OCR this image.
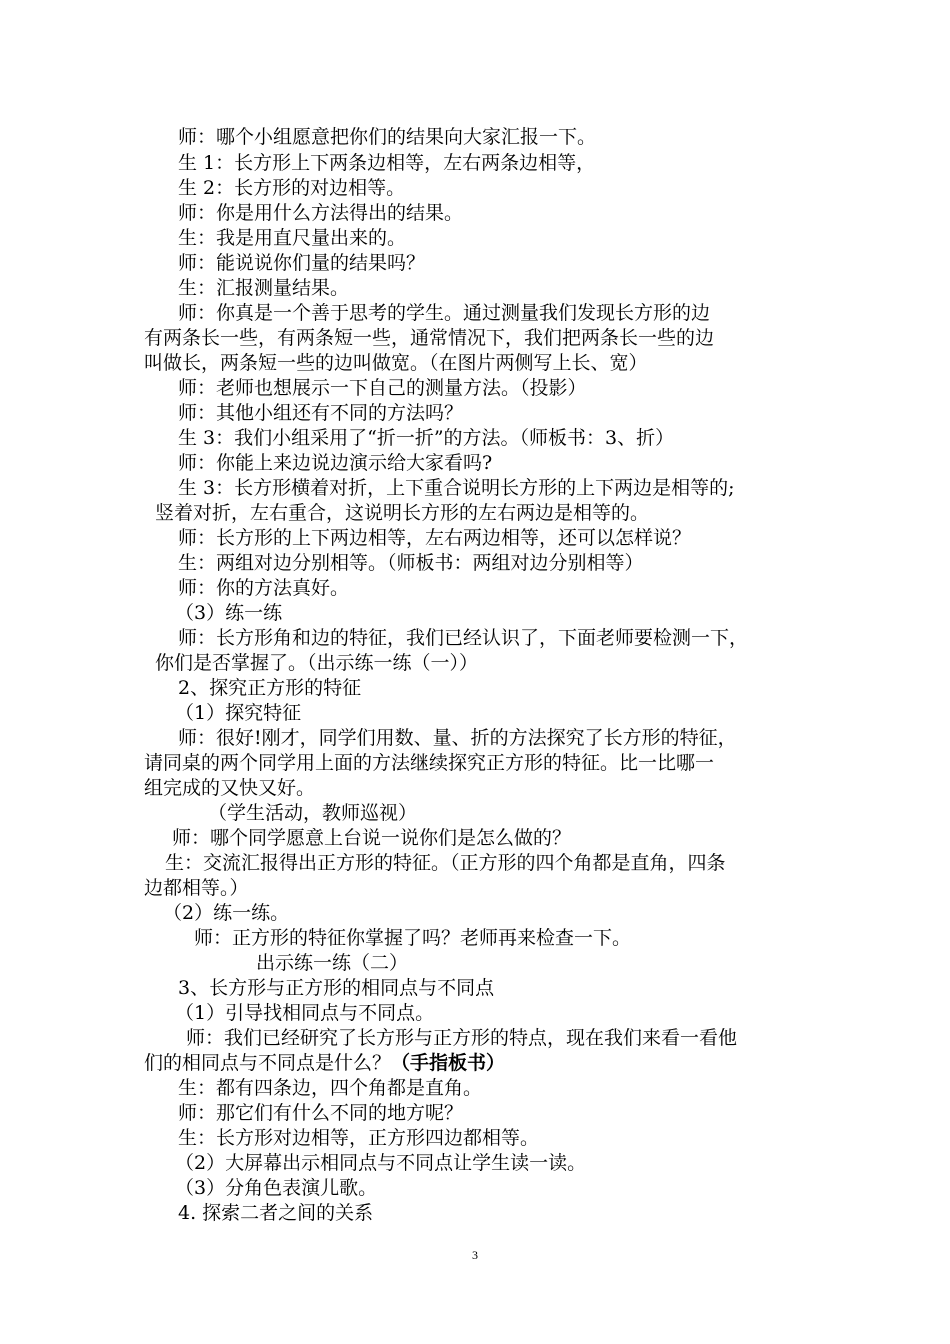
师：哪个小组愿意把你们的结果向大家汇报一下。
生 1：长方形上下两条边相等，左右两条边相等，
生 2：长方形的对边相等。
师：你是用什么方法得出的结果。
生：我是用直尺量出来的。
师：能说说你们量的结果吗？
生：汇报测量结果。
师：你真是一个善于思考的学生。通过测量我们发现长方形的边
有两条长一些，有两条短一些，通常情况下，我们把两条长一些的边
叫做长，两条短一些的边叫做宽。（在图片两侧写上长、宽）
师：老师也想展示一下自己的测量方法。（投影）
师：其他小组还有不同的方法吗？
生 3：我们小组采用了“折一折”的方法。（师板书：3、折）
师：你能上来边说边演示给大家看吗?
生 3：长方形横着对折，上下重合说明长方形的上下两边是相等的;
竖着对折，左右重合，这说明长方形的左右两边是相等的。
师：长方形的上下两边相等，左右两边相等，还可以怎样说？
生：两组对边分别相等。（师板书：两组对边分别相等）
师：你的方法真好。
（3）练一练
师：长方形角和边的特征，我们已经认识了，下面老师要检测一下，
你们是否掌握了。（出示练一练（一））
2、探究正方形的特征
（1）探究特征
师：很好!刚才，同学们用数、量、折的方法探究了长方形的特征，
请同桌的两个同学用上面的方法继续探究正方形的特征。比一比哪一
组完成的又快又好。
（学生活动，教师巡视）
师：哪个同学愿意上台说一说你们是怎么做的？
生：交流汇报得出正方形的特征。（正方形的四个角都是直角，四条
边都相等。）
（2）练一练。
师：正方形的特征你掌握了吗？老师再来检查一下。
出示练一练（二）
3、长方形与正方形的相同点与不同点
（1）引导找相同点与不同点。
师：我们已经研究了长方形与正方形的特点，现在我们来看一看他
们的相同点与不同点是什么？（手指板书）
生：都有四条边，四个角都是直角。
师：那它们有什么不同的地方呢？
生：长方形对边相等，正方形四边都相等。
（2）大屏幕出示相同点与不同点让学生读一读。
（3）分角色表演儿歌。
4. 探索二者之间的关系
3
